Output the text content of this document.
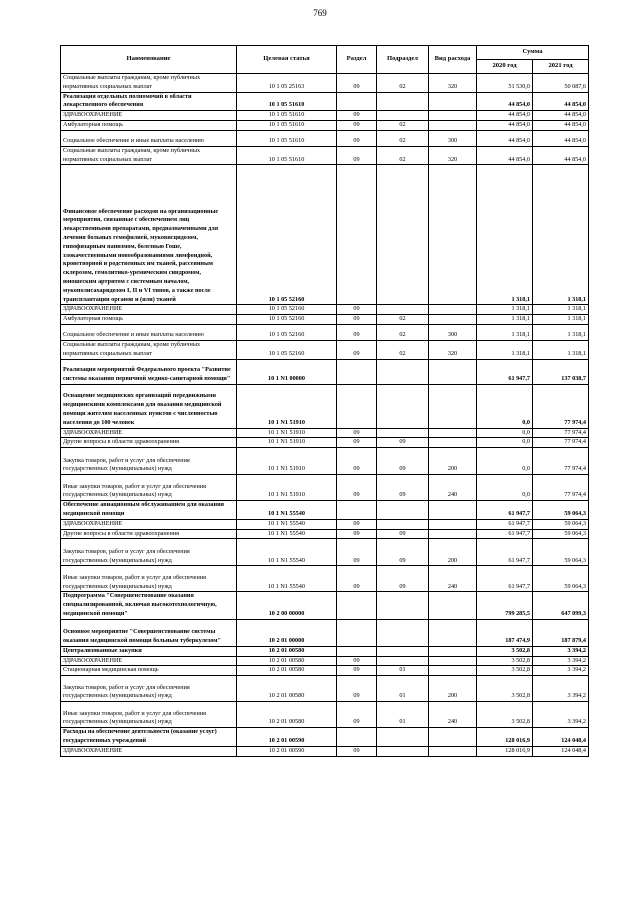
769
Наименование	Целевая статья	Раздел	Подраздел	Вид расхода	Сумма	
					2020 год	2021 год
Социальные выплаты гражданам, кроме публичных нормативных социальных выплат	10 1 05 25163	09	02	320	51 530,0	50 087,6
Реализация отдельных полномочий в области лекарственного обеспечения	10 1 05 51610				44 854,0	44 854,0
ЗДРАВООХРАНЕНИЕ	10 1 05 51610	09			44 854,0	44 854,0
Амбулаторная помощь	10 1 05 51610	09	02		44 854,0	44 854,0
Социальное обеспечение и иные выплаты населению	10 1 05 51610	09	02	300	44 854,0	44 854,0
Социальные выплаты гражданам, кроме публичных нормативных социальных выплат	10 1 05 51610	09	02	320	44 854,0	44 854,0
Финансовое обеспечение расходов на организационные мероприятия, связанные с обеспечением лиц лекарственными препаратами, предназначенными для лечения больных гемофилией, муковисцидозом, гипофизарным нанизмом, болезнью Гоше, злокачественными новообразованиями лимфоидной, кроветворной и родственных им тканей, рассеянным склерозом, гемолитико-уремическим синдромом, юношеским артритом с системным началом, мукополисахаридозом I, II и VI типов, а также после трансплантации органов и (или) тканей	10 1 05 52160				1 318,1	1 318,1
ЗДРАВООХРАНЕНИЕ	10 1 05 52160	09			1 318,1	1 318,1
Амбулаторная помощь	10 1 05 52160	09	02		1 318,1	1 318,1
Социальное обеспечение и иные выплаты населению	10 1 05 52160	09	02	300	1 318,1	1 318,1
Социальные выплаты гражданам, кроме публичных нормативных социальных выплат	10 1 05 52160	09	02	320	1 318,1	1 318,1
Реализация мероприятий Федерального проекта "Развитие системы оказания первичной медико-санитарной помощи"	10 1 N1 00000				61 947,7	137 038,7
Оснащение медицинских организаций передвижными медицинскими комплексами для оказания медицинской помощи жителям населенных пунктов с численностью населения до 100 человек	10 1 N1 51910				0,0	77 974,4
ЗДРАВООХРАНЕНИЕ	10 1 N1 51910	09			0,0	77 974,4
Другие вопросы в области здравоохранения	10 1 N1 51910	09	09		0,0	77 974,4
Закупка товаров, работ и услуг для обеспечения государственных (муниципальных) нужд	10 1 N1 51910	09	09	200	0,0	77 974,4
Иные закупки товаров, работ и услуг для обеспечения государственных (муниципальных) нужд	10 1 N1 51910	09	09	240	0,0	77 974,4
Обеспечение авиационным обслуживанием для оказания медицинской помощи	10 1 N1 55540				61 947,7	59 064,3
ЗДРАВООХРАНЕНИЕ	10 1 N1 55540	09			61 947,7	59 064,3
Другие вопросы в области здравоохранения	10 1 N1 55540	09	09		61 947,7	59 064,3
Закупка товаров, работ и услуг для обеспечения государственных (муниципальных) нужд	10 1 N1 55540	09	09	200	61 947,7	59 064,3
Иные закупки товаров, работ и услуг для обеспечения государственных (муниципальных) нужд	10 1 N1 55540	09	09	240	61 947,7	59 064,3
Подпрограмма "Совершенствование оказания специализированной, включая высокотехнологичную, медицинской помощи"	10 2 00 00000				799 285,5	647 099,3
Основное мероприятие "Совершенствование системы оказания медицинской помощи больным туберкулезом"	10 2 01 00000				187 474,9	187 879,4
Централизованные закупки	10 2 01 00580				3 502,8	3 394,2
ЗДРАВООХРАНЕНИЕ	10 2 01 00580	09			3 502,8	3 394,2
Стационарная медицинская помощь	10 2 01 00580	09	01		3 502,8	3 394,2
Закупка товаров, работ и услуг для обеспечения государственных (муниципальных) нужд	10 2 01 00580	09	01	200	3 502,8	3 394,2
Иные закупки товаров, работ и услуг для обеспечения государственных (муниципальных) нужд	10 2 01 00580	09	01	240	3 502,8	3 394,2
Расходы на обеспечение деятельности (оказание услуг) государственных учреждений	10 2 01 00590				128 016,9	124 048,4
ЗДРАВООХРАНЕНИЕ	10 2 01 00590	09			128 016,9	124 048,4
